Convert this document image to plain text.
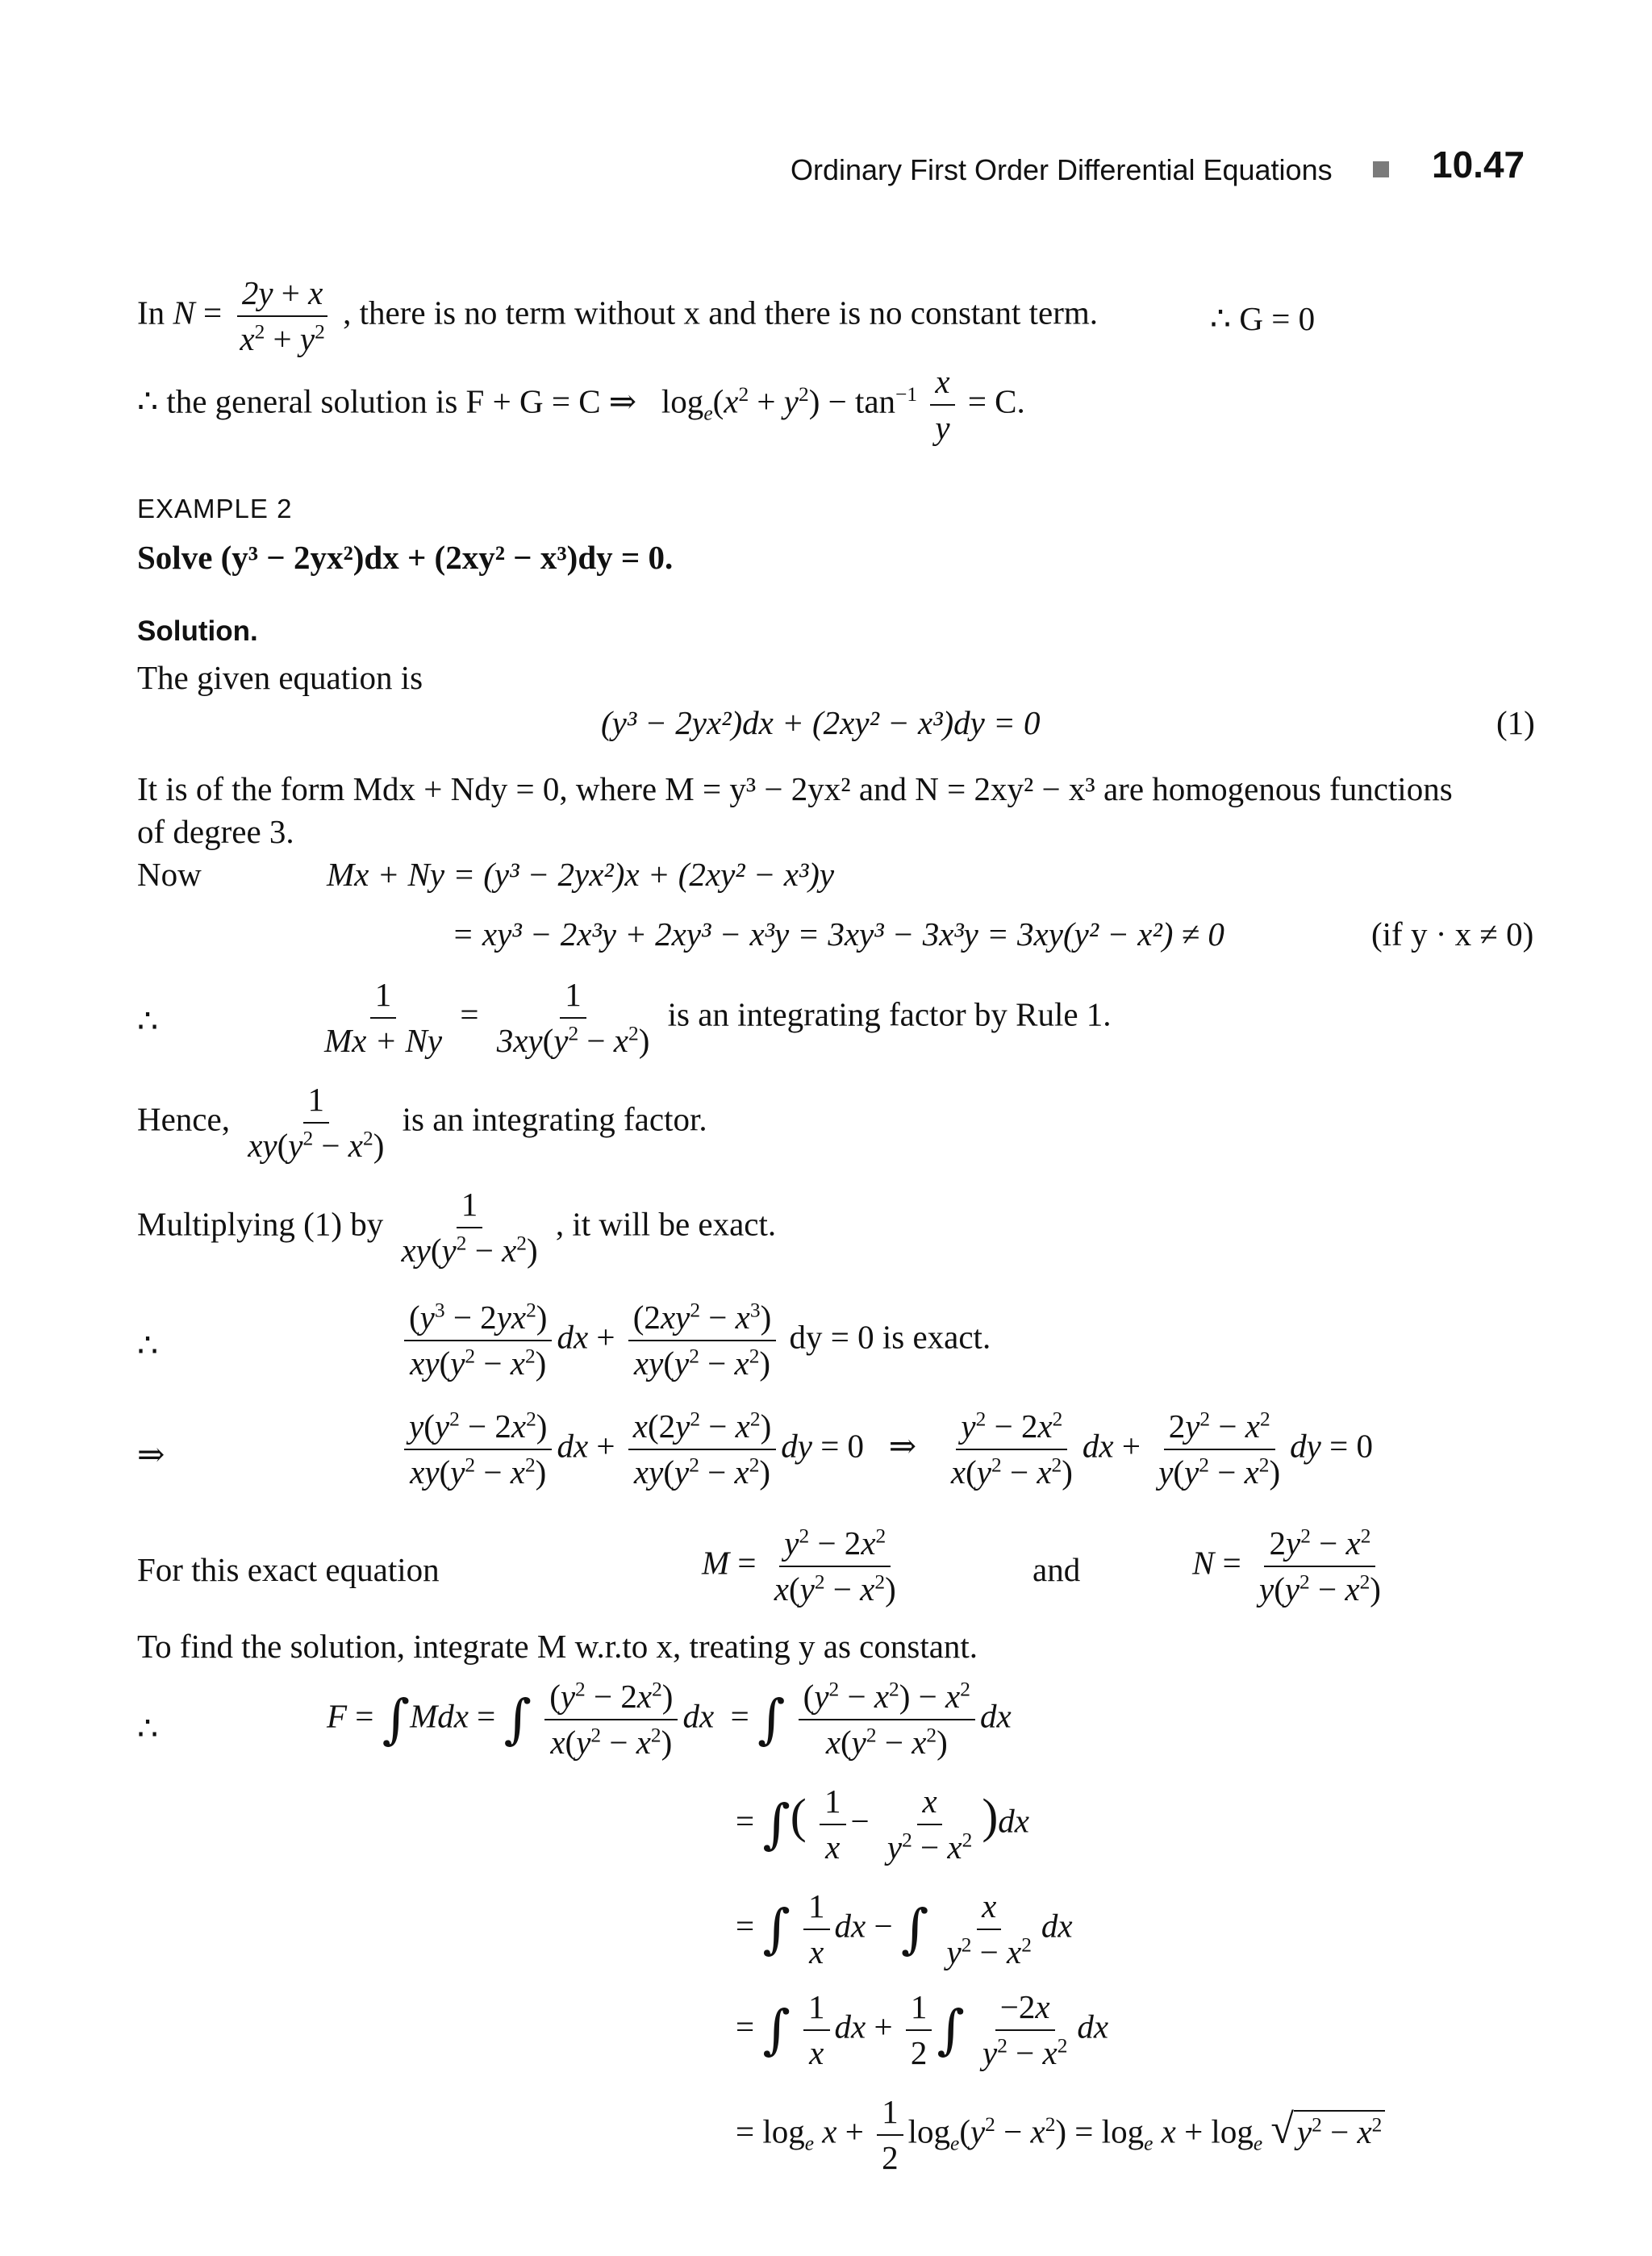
Ordinary First Order Differential Equations	10.47
In $N = \frac{2y + x}{x^2 + y^2}$ , there is no term without x and there is no constant term.	∴ G = 0
∴ the general solution is F + G = C ⇒   $\log_e(x^2 + y^2) - \tan^{-1} \frac{x}{y} = C$.
EXAMPLE 2
Solve (y³ − 2yx²)dx + (2xy² − x³)dy = 0.
Solution.
The given equation is
(y³ − 2yx²)dx + (2xy² − x³)dy = 0	(1)
It is of the form Mdx + Ndy = 0, where M = y³ − 2yx² and N = 2xy² − x³ are homogenous functions
of degree 3.
Now	Mx + Ny = (y³ − 2yx²)x + (2xy² − x³)y
= xy³ − 2x³y + 2xy³ − x³y = 3xy³ − 3x³y = 3xy(y² − x²) ≠ 0	(if y · x ≠ 0)
∴	$\frac{1}{Mx + Ny} = \frac{1}{3xy(y^2 - x^2)}$ is an integrating factor by Rule 1.
Hence, $\frac{1}{xy(y^2 - x^2)}$ is an integrating factor.
Multiplying (1) by $\frac{1}{xy(y^2 - x^2)}$ , it will be exact.
∴	$\frac{(y^3 - 2yx^2)}{xy(y^2 - x^2)}$ dx + $\frac{(2xy^2 - x^3)}{xy(y^2 - x^2)}$ dy = 0 is exact.
⇒	$\frac{y(y^2 - 2x^2)}{xy(y^2 - x^2)}$ dx + $\frac{x(2y^2 - x^2)}{xy(y^2 - x^2)}$ dy = 0   ⇒ $\frac{y^2 - 2x^2}{x(y^2 - x^2)}$ dx + $\frac{2y^2 - x^2}{y(y^2 - x^2)}$ dy = 0
For this exact equation	$M = \frac{y^2 - 2x^2}{x(y^2 - x^2)}$	and	$N = \frac{2y^2 - x^2}{y(y^2 - x^2)}$
To find the solution, integrate M w.r.to x, treating y as constant.
∴	F = ∫Mdx = ∫ $\frac{(y^2 - 2x^2)}{x(y^2 - x^2)}$ dx  = ∫ $\frac{(y^2 - x^2) - x^2}{x(y^2 - x^2)}$ dx
= ∫( $\frac{1}{x} - \frac{x}{y^2 - x^2} )dx$
= ∫ $\frac{1}{x}$ dx − ∫ $\frac{x}{y^2 - x^2}$ dx
= ∫ $\frac{1}{x}$ dx + $\frac{1}{2}$ ∫ $\frac{-2x}{y^2 - x^2}$ dx
= $\log_e x + \frac{1}{2} \log_e(y^2 - x^2) = \log_e x + \log_e √y^2 - x^2$
